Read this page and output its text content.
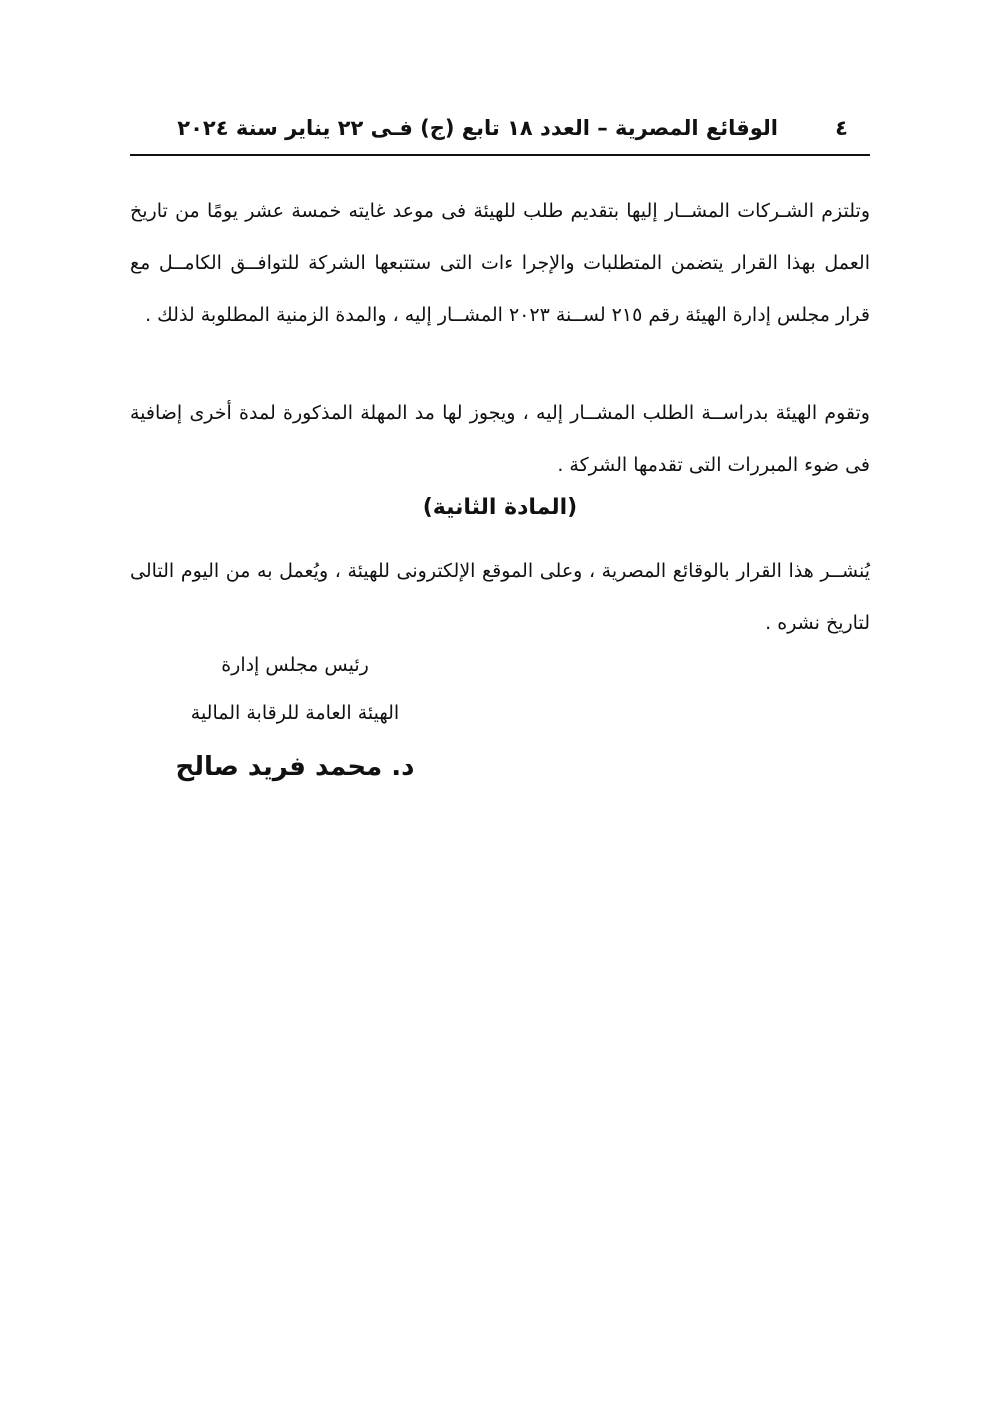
٤
الوقائع المصرية – العدد ١٨ تابع (ج) فـى ٢٢ يناير سنة ٢٠٢٤
وتلتزم الشـركات المشــار إليها بتقديم طلب للهيئة فى موعد غايته خمسة عشر يومًا من تاريخ العمل بهذا القرار يتضمن المتطلبات والإجرا ءات التى ستتبعها الشركة للتوافــق الكامــل مع قرار مجلس إدارة الهيئة رقم ٢١٥ لســنة ٢٠٢٣ المشــار إليه ، والمدة الزمنية المطلوبة لذلك .
وتقوم الهيئة بدراســة الطلب المشــار إليه ، ويجوز لها مد المهلة المذكورة لمدة أخرى إضافية فى ضوء المبررات التى تقدمها الشركة .
(المادة الثانية)
يُنشــر هذا القرار بالوقائع المصرية ، وعلى الموقع الإلكترونى للهيئة ، ويُعمل به من اليوم التالى لتاريخ نشره .
رئيس مجلس إدارة
الهيئة العامة للرقابة المالية
د. محمد فريد صالح
